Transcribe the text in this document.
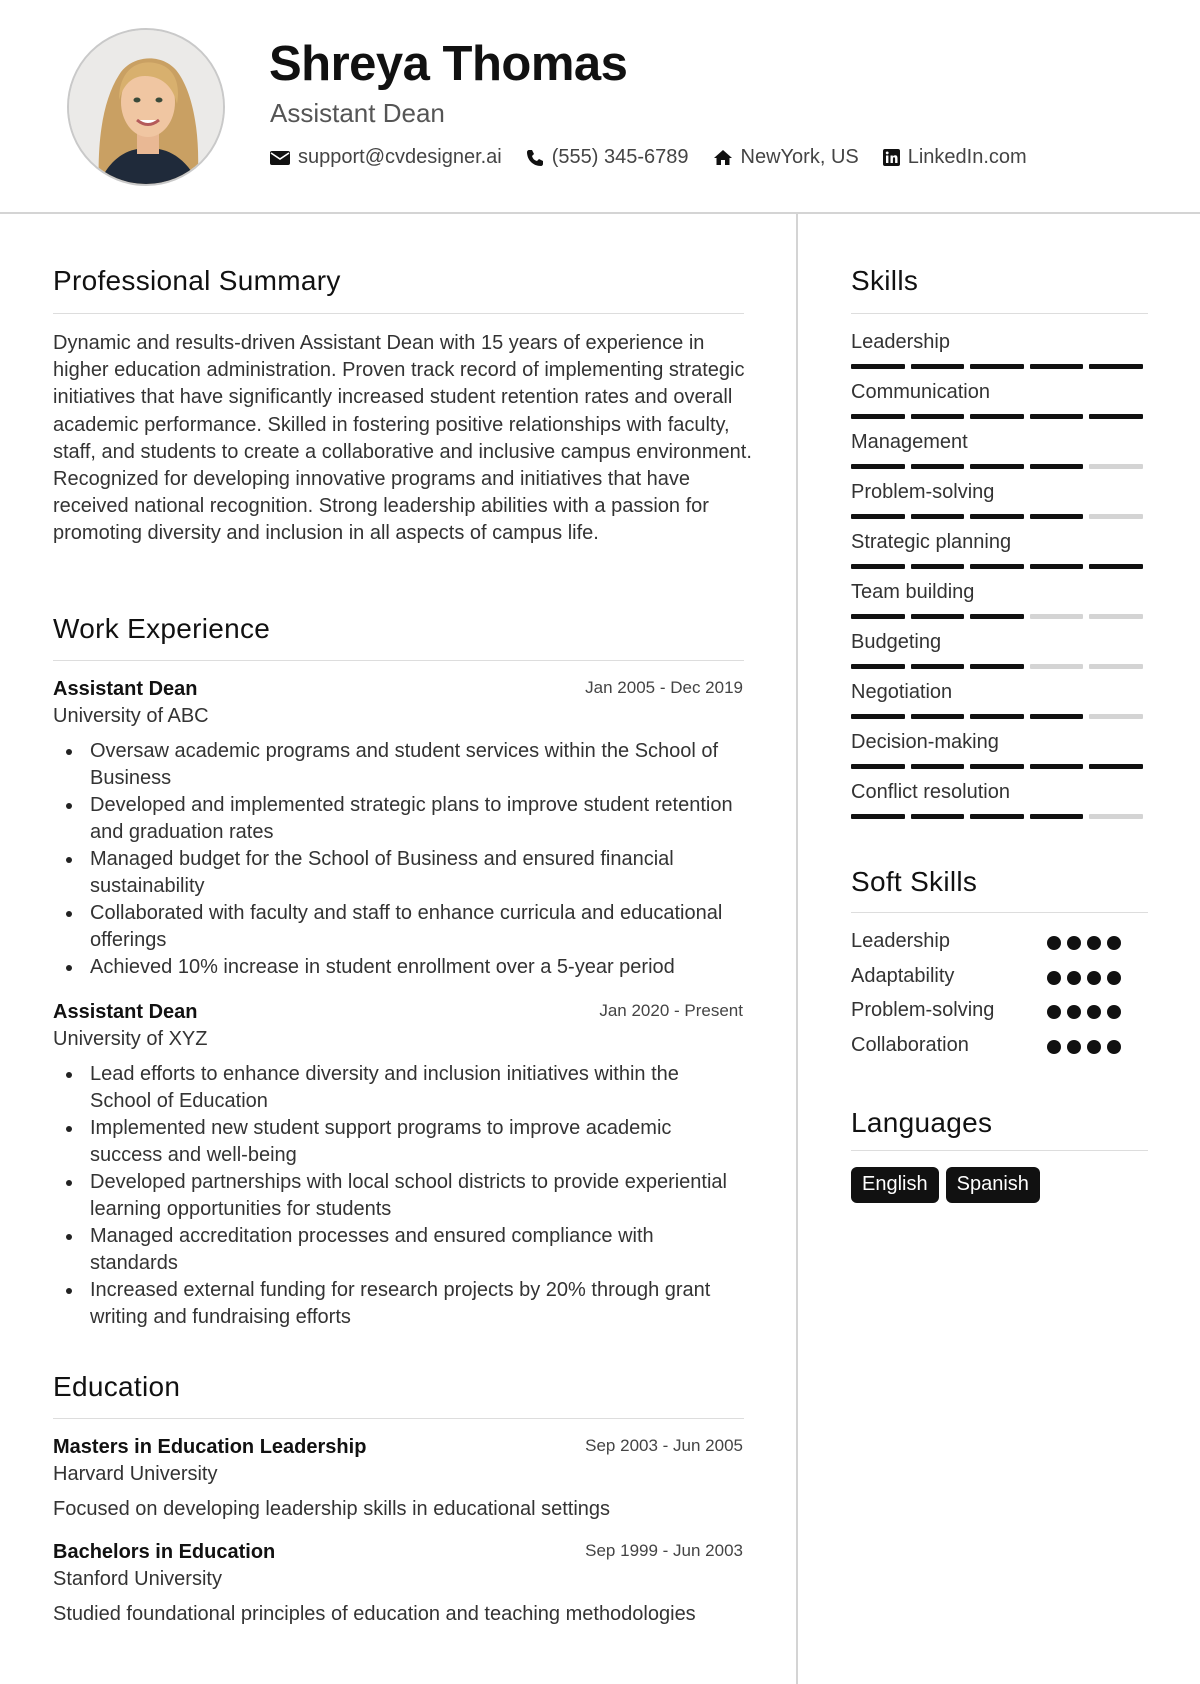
Shreya Thomas
Assistant Dean
support@cvdesigner.ai	(555) 345-6789	NewYork, US LinkedIn.com
Professional Summary
Dynamic and results-driven Assistant Dean with 15 years of experience in higher education administration. Proven track record of implementing strategic initiatives that have significantly increased student retention rates and overall academic performance. Skilled in fostering positive relationships with faculty, staff, and students to create a collaborative and inclusive campus environment. Recognized for developing innovative programs and initiatives that have received national recognition. Strong leadership abilities with a passion for promoting diversity and inclusion in all aspects of campus life.
Work Experience
Assistant Dean	Jan 2005 - Dec 2019
University of ABC
Oversaw academic programs and student services within the School of Business
Developed and implemented strategic plans to improve student retention and graduation rates
Managed budget for the School of Business and ensured financial sustainability
Collaborated with faculty and staff to enhance curricula and educational offerings
Achieved 10% increase in student enrollment over a 5-year period
Assistant Dean	Jan 2020 - Present
University of XYZ
Lead efforts to enhance diversity and inclusion initiatives within the School of Education
Implemented new student support programs to improve academic success and well-being
Developed partnerships with local school districts to provide experiential learning opportunities for students
Managed accreditation processes and ensured compliance with standards
Increased external funding for research projects by 20% through grant writing and fundraising efforts
Education
Masters in Education Leadership	Sep 2003 - Jun 2005
Harvard University
Focused on developing leadership skills in educational settings
Bachelors in Education	Sep 1999 - Jun 2003
Stanford University
Studied foundational principles of education and teaching methodologies
Skills
Leadership
Communication
Management
Problem-solving
Strategic planning
Team building
Budgeting
Negotiation
Decision-making
Conflict resolution
Soft Skills
Leadership
Adaptability
Problem-solving
Collaboration
Languages
English	Spanish
